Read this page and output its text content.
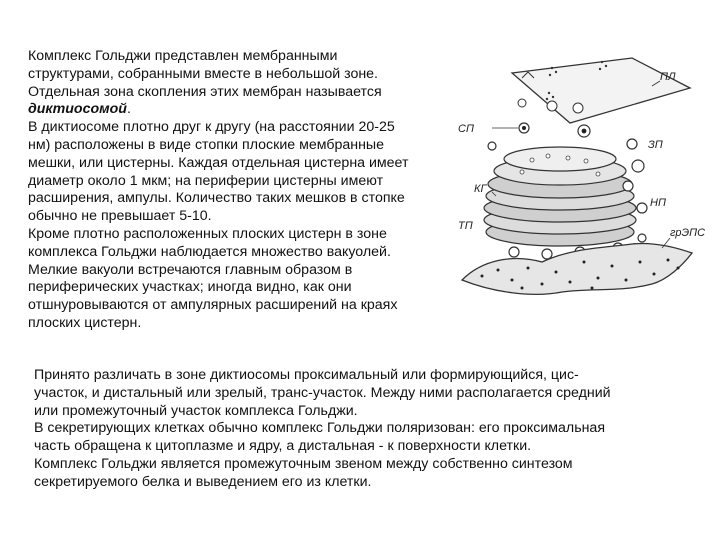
Комплекс Гольджи представлен мембранными
структурами, собранными вместе в небольшой зоне.
Отдельная зона скопления этих мембран называется
диктиосомой.
В диктиосоме плотно друг к другу (на расстоянии 20-25
нм) расположены в виде стопки плоские мембранные
мешки, или цистерны. Каждая отдельная цистерна имеет
диаметр около 1 мкм; на периферии цистерны имеют
расширения, ампулы. Количество таких мешков в стопке
обычно не превышает 5-10.
Кроме плотно расположенных плоских цистерн в зоне
комплекса Гольджи наблюдается множество вакуолей.
Мелкие вакуоли встречаются главным образом в
периферических участках; иногда видно, как они
отшнуровываются от ампулярных расширений на краях
плоских цистерн.
ПЛ
СП
КГ
ЗП
ТП
НП
грЭПС
Принято различать в зоне диктиосомы проксимальный или формирующийся, цис-
участок, и дистальный или зрелый, транс-участок. Между ними располагается средний
или промежуточный участок комплекса Гольджи.
В секретирующих клетках обычно комплекс Гольджи поляризован: его проксимальная
часть обращена к цитоплазме и ядру, а дистальная - к поверхности клетки.
Комплекс Гольджи является промежуточным звеном между собственно синтезом
секретируемого белка и выведением его из клетки.
